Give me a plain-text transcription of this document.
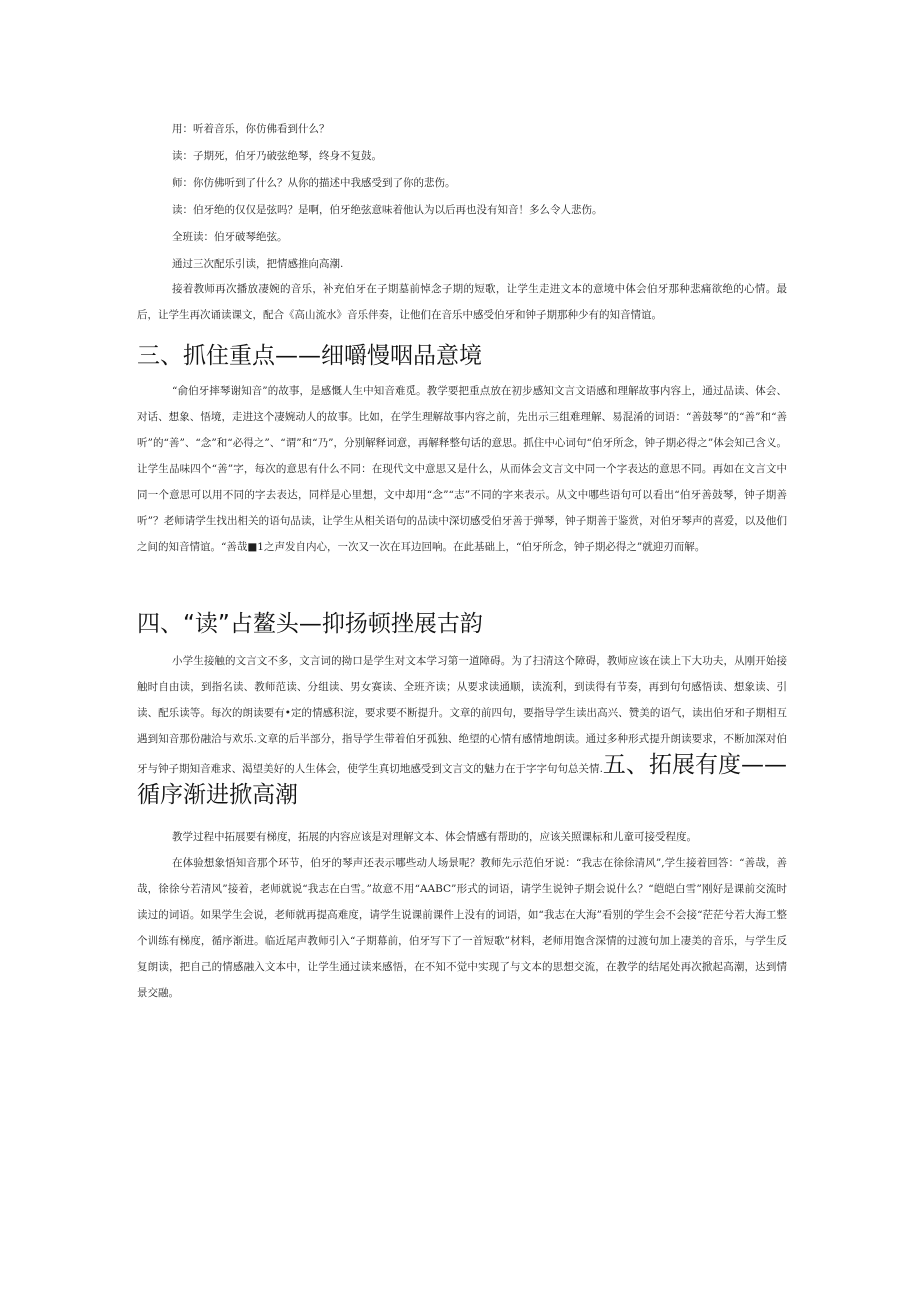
用：听着音乐，你仿佛看到什么？
读：子期死，伯牙乃破弦绝琴，终身不复鼓。
师：你仿佛听到了什么？从你的描述中我感受到了你的悲伤。
读：伯牙绝的仅仅是弦吗？是啊，伯牙绝弦意味着他认为以后再也没有知音！多么令人悲伤。
全班读：伯牙破琴绝弦。
通过三次配乐引读，把情感推向高潮.

接着教师再次播放凄婉的音乐，补充伯牙在子期墓前悼念子期的短歌，让学生走进文本的意境中体会伯牙那种悲痛欲绝的心情。最后，让学生再次诵读课文，配合《高山流水》音乐伴奏，让他们在音乐中感受伯牙和钟子期那种少有的知音情谊。

三、抓住重点——细嚼慢咽品意境

“俞伯牙摔琴谢知音”的故事，是感慨人生中知音难觅。教学要把重点放在初步感知文言文语感和理解故事内容上，通过品读、体会、对话、想象、悟境，走进这个凄婉动人的故事。比如，在学生理解故事内容之前，先出示三组难理解、易混淆的词语：“善鼓琴”的“善”和“善听”的“善”、“念”和“必得之”、“谓”和“乃”，分别解释词意，再解释整句话的意思。抓住中心词句“伯牙所念，钟子期必得之”体会知己含义。让学生品味四个“善”字，每次的意思有什么不同：在现代文中意思又是什么，从而体会文言文中同一个字表达的意思不同。再如在文言文中同一个意思可以用不同的字去表达，同样是心里想，文中却用“念”“志”不同的字来表示。从文中哪些语句可以看出“伯牙善鼓琴，钟子期善听”？老师请学生找出相关的语句品读，让学生从相关语句的品读中深切感受伯牙善于弹琴，钟子期善于鉴赏，对伯牙琴声的喜爱，以及他们之间的知音情谊。“善哉■1之声发自内心，一次又一次在耳边回响。在此基础上，“伯牙所念，钟子期必得之”就迎刃而解。

四、“读”占鳌头—抑扬顿挫展古韵

小学生接触的文言文不多，文言词的拗口是学生对文本学习第一道障碍。为了扫清这个障碍，教师应该在读上下大功夫，从刚开始接触时自由读，到指名读、教师范读、分组读、男女赛读、全班齐读；从要求读通顺，读流利，到读得有节奏，再到句句感悟读、想象读、引读、配乐读等。每次的朗读要有•定的情感积淀，要求要不断提升。文章的前四句，要指导学生读出高兴、赞美的语气，读出伯牙和子期相互遇到知音那份融洽与欢乐.文章的后半部分，指导学生带着伯牙孤独、绝望的心情有感情地朗读。通过多种形式提升朗读要求，不断加深对伯牙与钟子期知音难求、渴望美好的人生体会，使学生真切地感受到文言文的魅力在于字字句句总关情.五、拓展有度——循序渐进掀高潮

教学过程中拓展要有梯度，拓展的内容应该是对理解文本、体会情感有帮助的，应该关照课标和儿童可接受程度。

在体验想象悟知音那个环节，伯牙的琴声还表示哪些动人场景呢？教师先示范伯牙说：“我志在徐徐清风”,学生接着回答：“善哉，善哉，徐徐兮若清风”接着，老师就说“我志在白雪。”故意不用“AABC”形式的词语，请学生说钟子期会说什么？“皑皑白雪”刚好是课前交流时读过的词语。如果学生会说，老师就再提高难度，请学生说课前课件上没有的词语，如“我志在大海”看别的学生会不会接“茫茫兮若大海工整个训练有梯度，循序渐进。临近尾声教师引入“子期幕前，伯牙写下了一首短歌”材料，老师用饱含深情的过渡句加上凄美的音乐，与学生反复朗读，把自己的情感融入文本中，让学生通过读来感悟，在不知不觉中实现了与文本的思想交流，在教学的结尾处再次掀起高潮，达到情景交融。
